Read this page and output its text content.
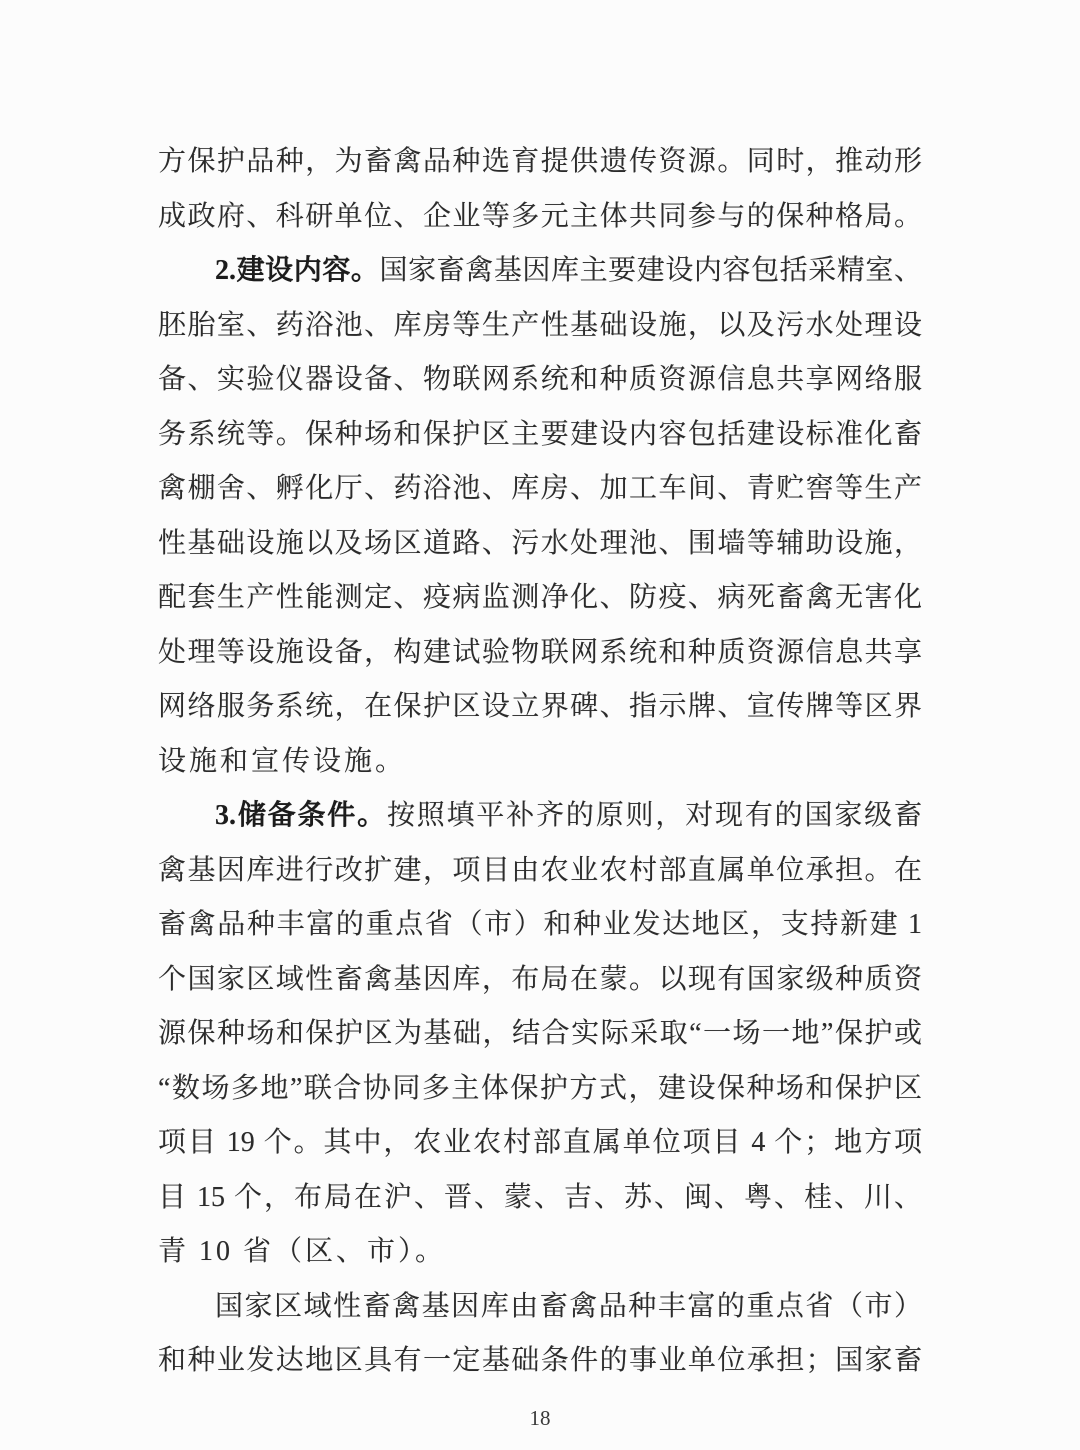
方保护品种，为畜禽品种选育提供遗传资源。同时，推动形
成政府、科研单位、企业等多元主体共同参与的保种格局。
2.建设内容。国家畜禽基因库主要建设内容包括采精室、
胚胎室、药浴池、库房等生产性基础设施，以及污水处理设
备、实验仪器设备、物联网系统和种质资源信息共享网络服
务系统等。保种场和保护区主要建设内容包括建设标准化畜
禽棚舍、孵化厅、药浴池、库房、加工车间、青贮窖等生产
性基础设施以及场区道路、污水处理池、围墙等辅助设施，
配套生产性能测定、疫病监测净化、防疫、病死畜禽无害化
处理等设施设备，构建试验物联网系统和种质资源信息共享
网络服务系统，在保护区设立界碑、指示牌、宣传牌等区界
设施和宣传设施。
3.储备条件。按照填平补齐的原则，对现有的国家级畜
禽基因库进行改扩建，项目由农业农村部直属单位承担。在
畜禽品种丰富的重点省（市）和种业发达地区，支持新建 1
个国家区域性畜禽基因库，布局在蒙。以现有国家级种质资
源保种场和保护区为基础，结合实际采取“一场一地”保护或
“数场多地”联合协同多主体保护方式，建设保种场和保护区
项目 19 个。其中，农业农村部直属单位项目 4 个；地方项
目 15 个，布局在沪、晋、蒙、吉、苏、闽、粤、桂、川、
青 10 省（区、市）。
国家区域性畜禽基因库由畜禽品种丰富的重点省（市）
和种业发达地区具有一定基础条件的事业单位承担；国家畜
18
